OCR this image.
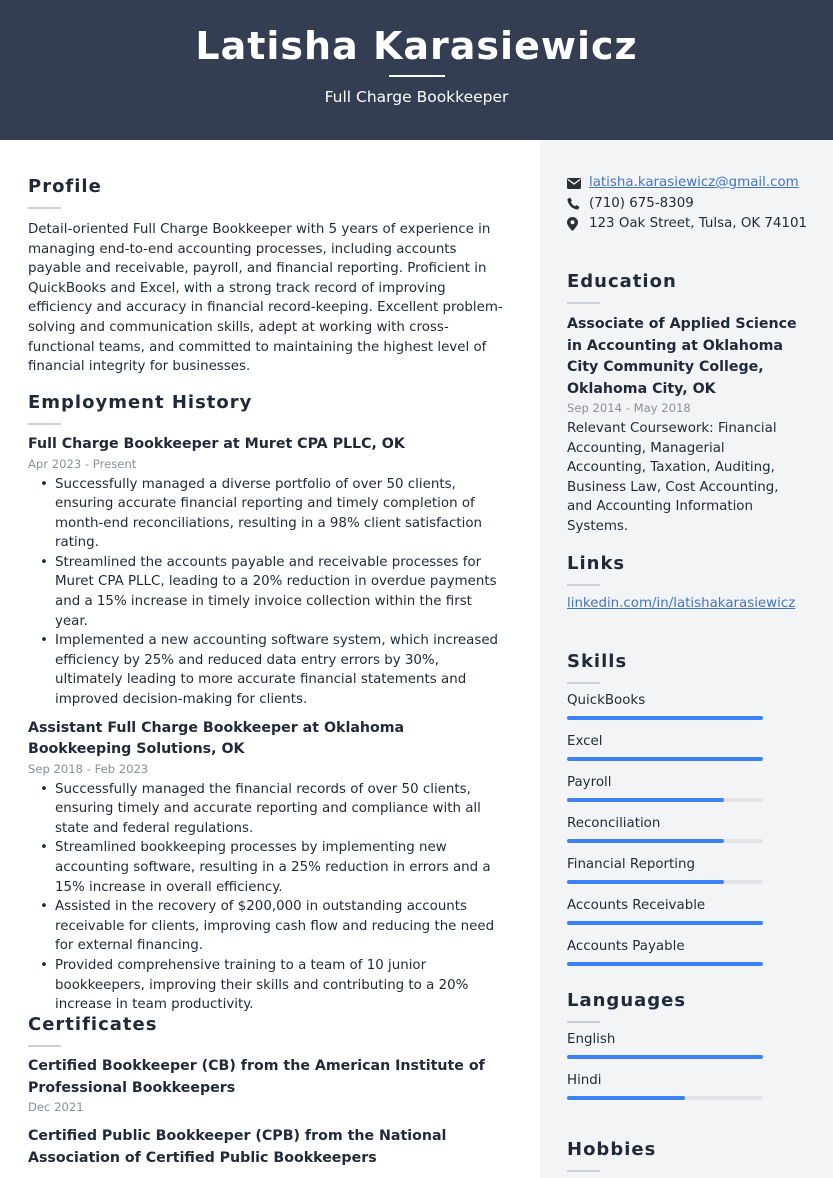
Latisha Karasiewicz
Full Charge Bookkeeper
Profile
Detail-oriented Full Charge Bookkeeper with 5 years of experience in managing end-to-end accounting processes, including accounts payable and receivable, payroll, and financial reporting. Proficient in QuickBooks and Excel, with a strong track record of improving efficiency and accuracy in financial record-keeping. Excellent problem-solving and communication skills, adept at working with cross-functional teams, and committed to maintaining the highest level of financial integrity for businesses.
Employment History
Full Charge Bookkeeper at Muret CPA PLLC, OK
Apr 2023 - Present
• Successfully managed a diverse portfolio of over 50 clients, ensuring accurate financial reporting and timely completion of month-end reconciliations, resulting in a 98% client satisfaction rating.
• Streamlined the accounts payable and receivable processes for Muret CPA PLLC, leading to a 20% reduction in overdue payments and a 15% increase in timely invoice collection within the first year.
• Implemented a new accounting software system, which increased efficiency by 25% and reduced data entry errors by 30%, ultimately leading to more accurate financial statements and improved decision-making for clients.
Assistant Full Charge Bookkeeper at Oklahoma Bookkeeping Solutions, OK
Sep 2018 - Feb 2023
• Successfully managed the financial records of over 50 clients, ensuring timely and accurate reporting and compliance with all state and federal regulations.
• Streamlined bookkeeping processes by implementing new accounting software, resulting in a 25% reduction in errors and a 15% increase in overall efficiency.
• Assisted in the recovery of $200,000 in outstanding accounts receivable for clients, improving cash flow and reducing the need for external financing.
• Provided comprehensive training to a team of 10 junior bookkeepers, improving their skills and contributing to a 20% increase in team productivity.
Certificates
Certified Bookkeeper (CB) from the American Institute of Professional Bookkeepers
Dec 2021
Certified Public Bookkeeper (CPB) from the National Association of Certified Public Bookkeepers
latisha.karasiewicz@gmail.com
(710) 675-8309
123 Oak Street, Tulsa, OK 74101
Education
Associate of Applied Science in Accounting at Oklahoma City Community College, Oklahoma City, OK
Sep 2014 - May 2018
Relevant Coursework: Financial Accounting, Managerial Accounting, Taxation, Auditing, Business Law, Cost Accounting, and Accounting Information Systems.
Links
linkedin.com/in/latishakarasiewicz
Skills
QuickBooks
Excel
Payroll
Reconciliation
Financial Reporting
Accounts Receivable
Accounts Payable
Languages
English
Hindi
Hobbies
